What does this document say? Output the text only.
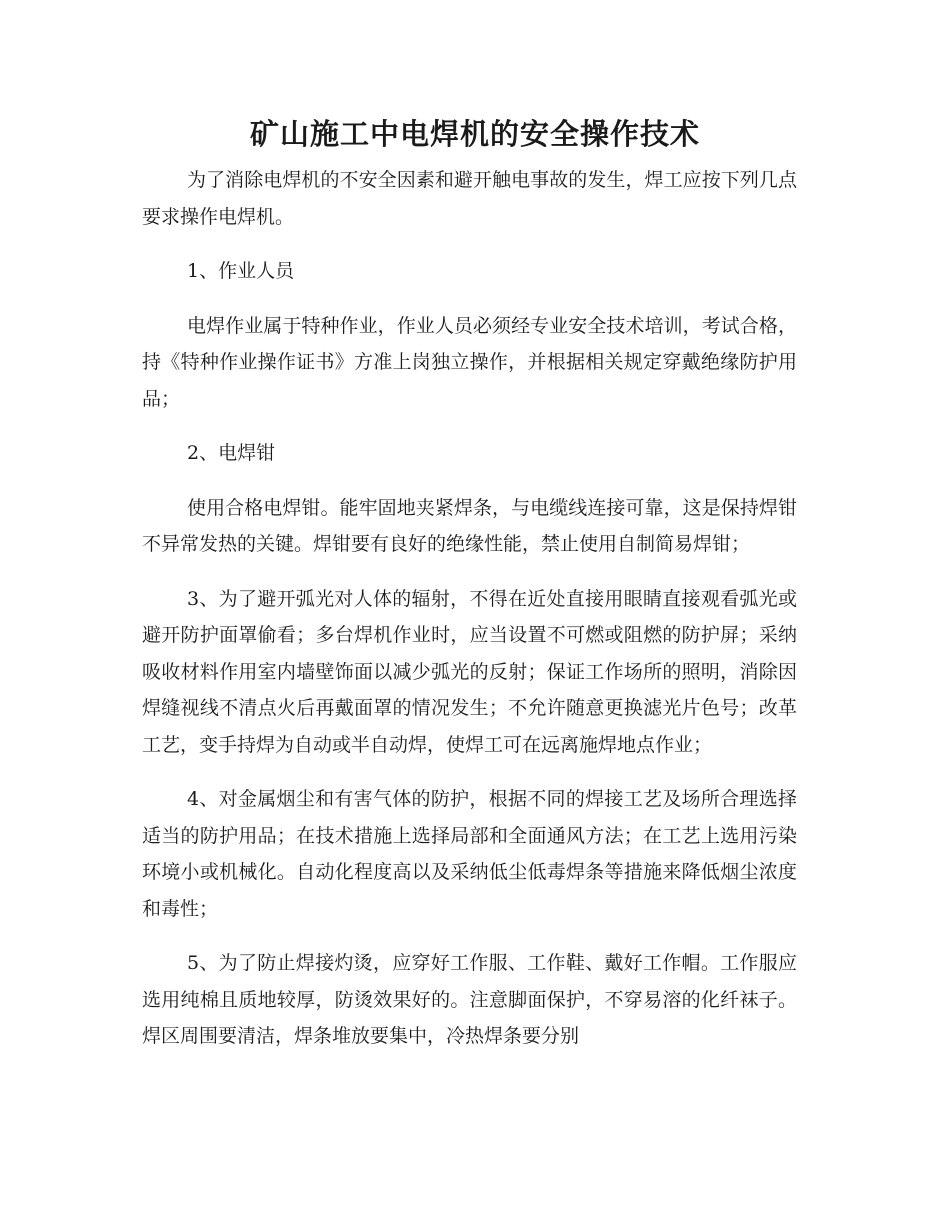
矿山施工中电焊机的安全操作技术

为了消除电焊机的不安全因素和避开触电事故的发生，焊工应按下列几点要求操作电焊机。

1、作业人员

电焊作业属于特种作业，作业人员必须经专业安全技术培训，考试合格，持《特种作业操作证书》方准上岗独立操作，并根据相关规定穿戴绝缘防护用品；

2、电焊钳

使用合格电焊钳。能牢固地夹紧焊条，与电缆线连接可靠，这是保持焊钳不异常发热的关键。焊钳要有良好的绝缘性能，禁止使用自制简易焊钳；

3、为了避开弧光对人体的辐射，不得在近处直接用眼睛直接观看弧光或避开防护面罩偷看；多台焊机作业时，应当设置不可燃或阻燃的防护屏；采纳吸收材料作用室内墙壁饰面以减少弧光的反射；保证工作场所的照明，消除因焊缝视线不清点火后再戴面罩的情况发生；不允许随意更换滤光片色号；改革工艺，变手持焊为自动或半自动焊，使焊工可在远离施焊地点作业；

4、对金属烟尘和有害气体的防护，根据不同的焊接工艺及场所合理选择适当的防护用品；在技术措施上选择局部和全面通风方法；在工艺上选用污染环境小或机械化。自动化程度高以及采纳低尘低毒焊条等措施来降低烟尘浓度和毒性；

5、为了防止焊接灼烫，应穿好工作服、工作鞋、戴好工作帽。工作服应选用纯棉且质地较厚，防烫效果好的。注意脚面保护，不穿易溶的化纤袜子。焊区周围要清洁，焊条堆放要集中，冷热焊条要分别
